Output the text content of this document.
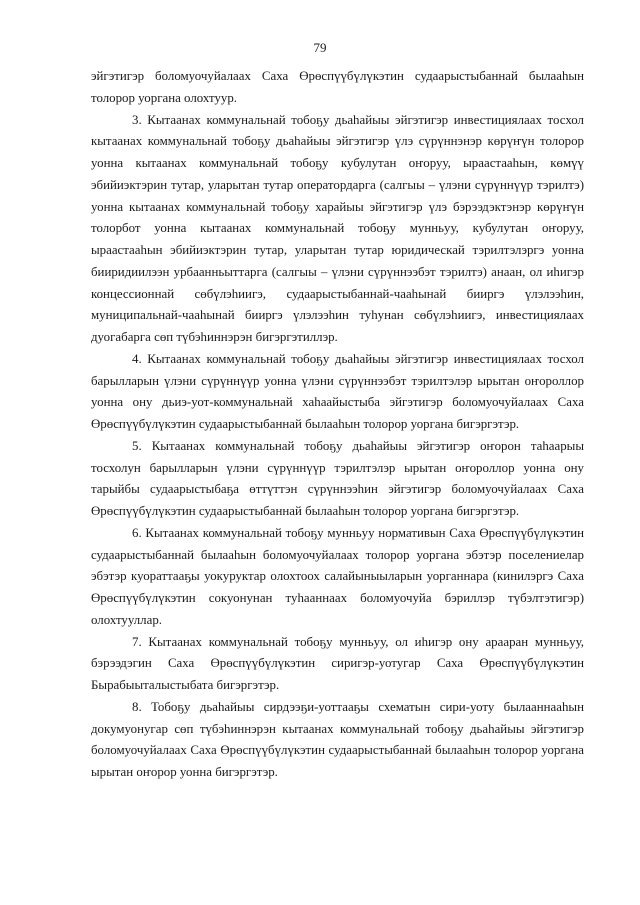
79

эйгэтигэр боломуочуйалаах Саха Өрөспүүбүлүкэтин судаарыстыбаннай былааһын толорор уоргана олохтуур.

3. Кытаанах коммунальнай тобоҕу дьаһайыы эйгэтигэр инвестициялаах тосхол кытаанах коммунальнай тобоҕу дьаһайыы эйгэтигэр үлэ сүрүннэнэр көрүҥүн толорор уонна кытаанах коммунальнай тобоҕу кубулутан оҥоруу, ыраастааһын, көмүү эбийиэктэрин тутар, уларытан тутар оператордарга (салгыы – үлэни сүрүннүүр тэрилтэ) уонна кытаанах коммунальнай тобоҕу харайыы эйгэтигэр үлэ бэрээдэктэнэр көрүҥүн толорбот уонна кытаанах коммунальнай тобоҕу мунньуу, кубулутан оҥоруу, ыраастааһын эбийиэктэрин тутар, уларытан тутар юридическай тэрилтэлэргэ уонна бииридиилээн урбаанньыттарга (салгыы – үлэни сүрүннээбэт тэрилтэ) анаан, ол иһигэр концессионнай сөбүлэһиигэ, судаарыстыбаннай-чааһынай бииргэ үлэлээһин, муниципальнай-чааһынай бииргэ үлэлээһин туһунан сөбүлэһиигэ, инвестициялаах дуогабарга сөп түбэһиннэрэн бигэргэтиллэр.

4. Кытаанах коммунальнай тобоҕу дьаһайыы эйгэтигэр инвестициялаах тосхол барылларын үлэни сүрүннүүр уонна үлэни сүрүннээбэт тэрилтэлэр ырытан оҥороллор уонна ону дьиэ-уот-коммунальнай хаһаайыстыба эйгэтигэр боломуочуйалаах Саха Өрөспүүбүлүкэтин судаарыстыбаннай былааһын толорор уоргана бигэргэтэр.

5. Кытаанах коммунальнай тобоҕу дьаһайыы эйгэтигэр оҥорон таһаарыы тосхолун барылларын үлэни сүрүннүүр тэрилтэлэр ырытан оҥороллор уонна ону тарыйбы судаарыстыбаҕа өттүттэн сүрүннээһин эйгэтигэр боломуочуйалаах Саха Өрөспүүбүлүкэтин судаарыстыбаннай былааһын толорор уоргана бигэргэтэр.

6. Кытаанах коммунальнай тобоҕу мунньуу нормативын Саха Өрөспүүбүлүкэтин судаарыстыбаннай былааһын боломуочуйалаах толорор уоргана эбэтэр поселениелар эбэтэр куораттааҕы уокуруктар олохтоох салайыныыларын уорганнара (кинилэргэ Саха Өрөспүүбүлүкэтин сокуонунан туһааннаах боломуочуйа бэриллэр түбэлтэтигэр) олохтууллар.

7. Кытаанах коммунальнай тобоҕу мунньуу, ол иһигэр ону арааран мунньуу, бэрээдэгин Саха Өрөспүүбүлүкэтин сиригэр-уотугар Саха Өрөспүүбүлүкэтин Бырабыыталыстыбата бигэргэтэр.

8. Тобоҕу дьаһайыы сирдээҕи-уоттааҕы схематын сири-уоту былааннааһын докумуонугар сөп түбэһиннэрэн кытаанах коммунальнай тобоҕу дьаһайыы эйгэтигэр боломуочуйалаах Саха Өрөспүүбүлүкэтин судаарыстыбаннай былааһын толорор уоргана ырытан оҥорор уонна бигэргэтэр.
